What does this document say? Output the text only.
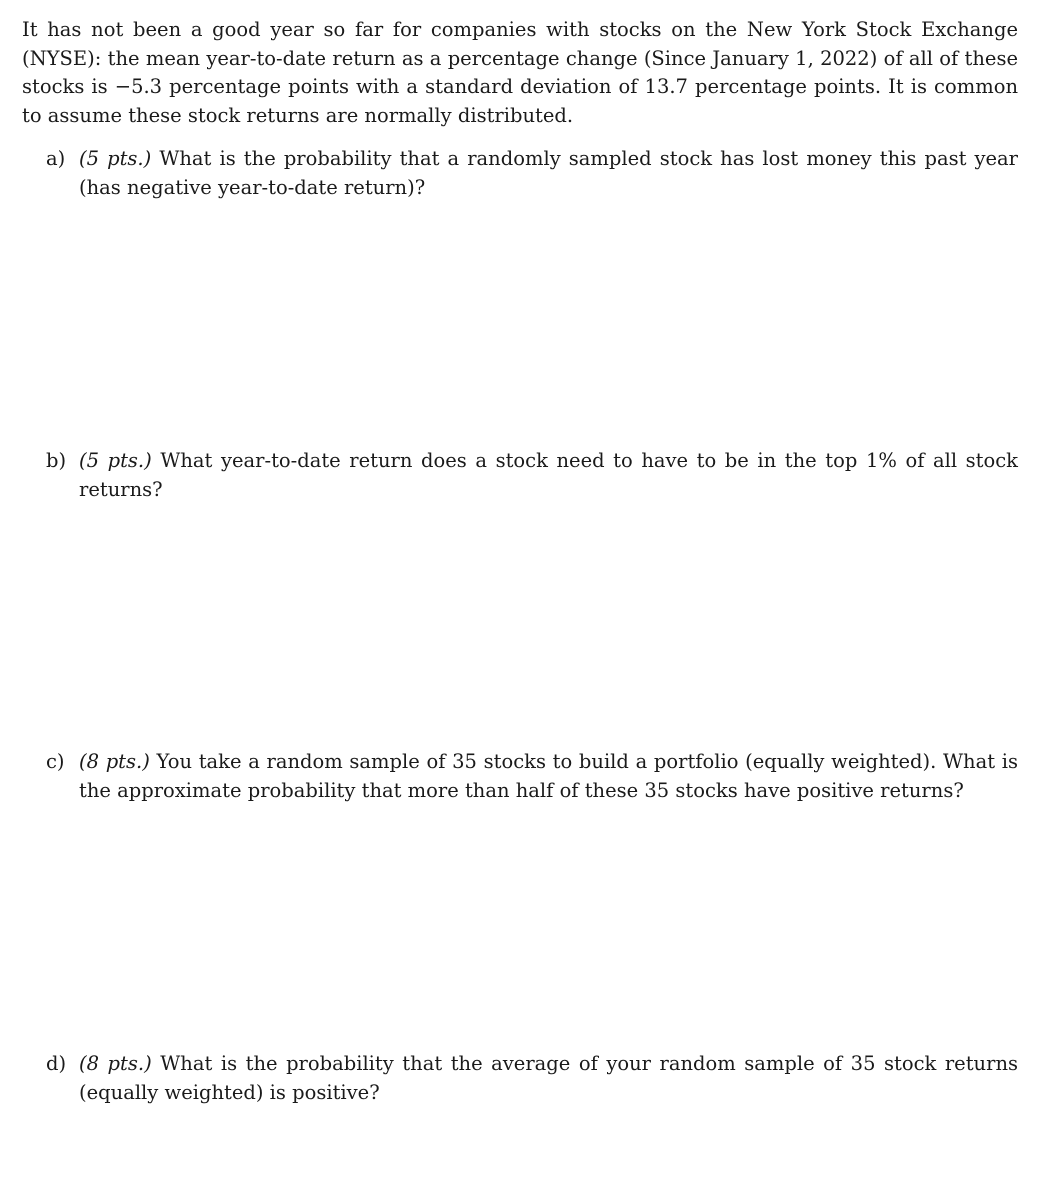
It has not been a good year so far for companies with stocks on the New York Stock Exchange (NYSE): the mean year-to-date return as a percentage change (Since January 1, 2022) of all of these stocks is −5.3 percentage points with a standard deviation of 13.7 percentage points. It is common to assume these stock returns are normally distributed.

a) (5 pts.) What is the probability that a randomly sampled stock has lost money this past year (has negative year-to-date return)?
b) (5 pts.) What year-to-date return does a stock need to have to be in the top 1% of all stock returns?
c) (8 pts.) You take a random sample of 35 stocks to build a portfolio (equally weighted). What is the approximate probability that more than half of these 35 stocks have positive returns?
d) (8 pts.) What is the probability that the average of your random sample of 35 stock returns (equally weighted) is positive?
